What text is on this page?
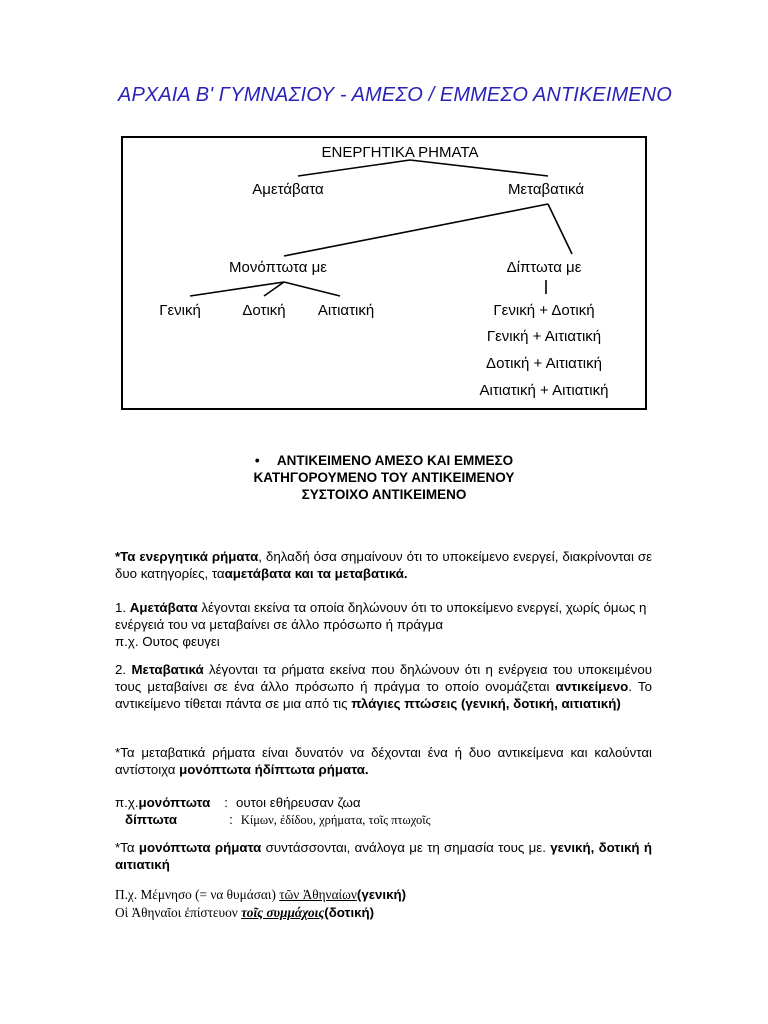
ΑΡΧΑΙΑ Β' ΓΥΜΝΑΣΙΟΥ - ΑΜΕΣΟ / ΕΜΜΕΣΟ ΑΝΤΙΚΕΙΜΕΝΟ
ΕΝΕΡΓΗΤΙΚΑ ΡΗΜΑΤΑ
Αμετάβατα	Μεταβατικά
Μονόπτωτα με	Δίπτωτα με
Γενική	Δοτική Αιτιατική	Γενική + Δοτική
Γενική + Αιτιατική
Δοτική + Αιτιατική
Αιτιατική + Αιτιατική
• ΑΝΤΙΚΕΙΜΕΝΟ ΑΜΕΣΟ ΚΑΙ ΕΜΜΕΣΟ
ΚΑΤΗΓΟΡΟΥΜΕΝΟ ΤΟΥ ΑΝΤΙΚΕΙΜΕΝΟΥ
ΣΥΣΤΟΙΧΟ ΑΝΤΙΚΕΙΜΕΝΟ
*Τα ενεργητικά ρήματα, δηλαδή όσα σημαίνουν ότι το υποκείμενο ενεργεί, διακρίνονται σε δυο κατηγορίες, τααμετάβατα και τα μεταβατικά.
1. Αμετάβατα λέγονται εκείνα τα οποία δηλώνουν ότι το υποκείμενο ενεργεί, χωρίς όμως η ενέργειά του να μεταβαίνει σε άλλο πρόσωπο ή πράγμα
π.χ. Ουτος φευγει
2. Μεταβατικά λέγονται τα ρήματα εκείνα που δηλώνουν ότι η ενέργεια του υποκειμένου τους μεταβαίνει σε ένα άλλο πρόσωπο ή πράγμα το οποίο ονομάζεται αντικείμενο. Το αντικείμενο τίθεται πάντα σε μια από τις πλάγιες πτώσεις (γενική, δοτική, αιτιατική)
*Τα μεταβατικά ρήματα είναι δυνατόν να δέχονται ένα ή δυο αντικείμενα και καλούνται αντίστοιχα μονόπτωτα ήδίπτωτα ρήματα.
π.χ.μονόπτωτα : ουτοι εθήρευσαν ζωα
δίπτωτα	: Κίμων, ἐδίδου, χρήματα, τοῖς πτωχοῖς
*Τα μονόπτωτα ρήματα συντάσσονται, ανάλογα με τη σημασία τους με. γενική, δοτική ή αιτιατική
Π.χ. Μέμνησο (= να θυμάσαι) τῶν Ἀθηναίων(γενική)
Οἱ Ἀθηναῖοι ἐπίστευον τοῖς συμμάχοις(δοτική)
